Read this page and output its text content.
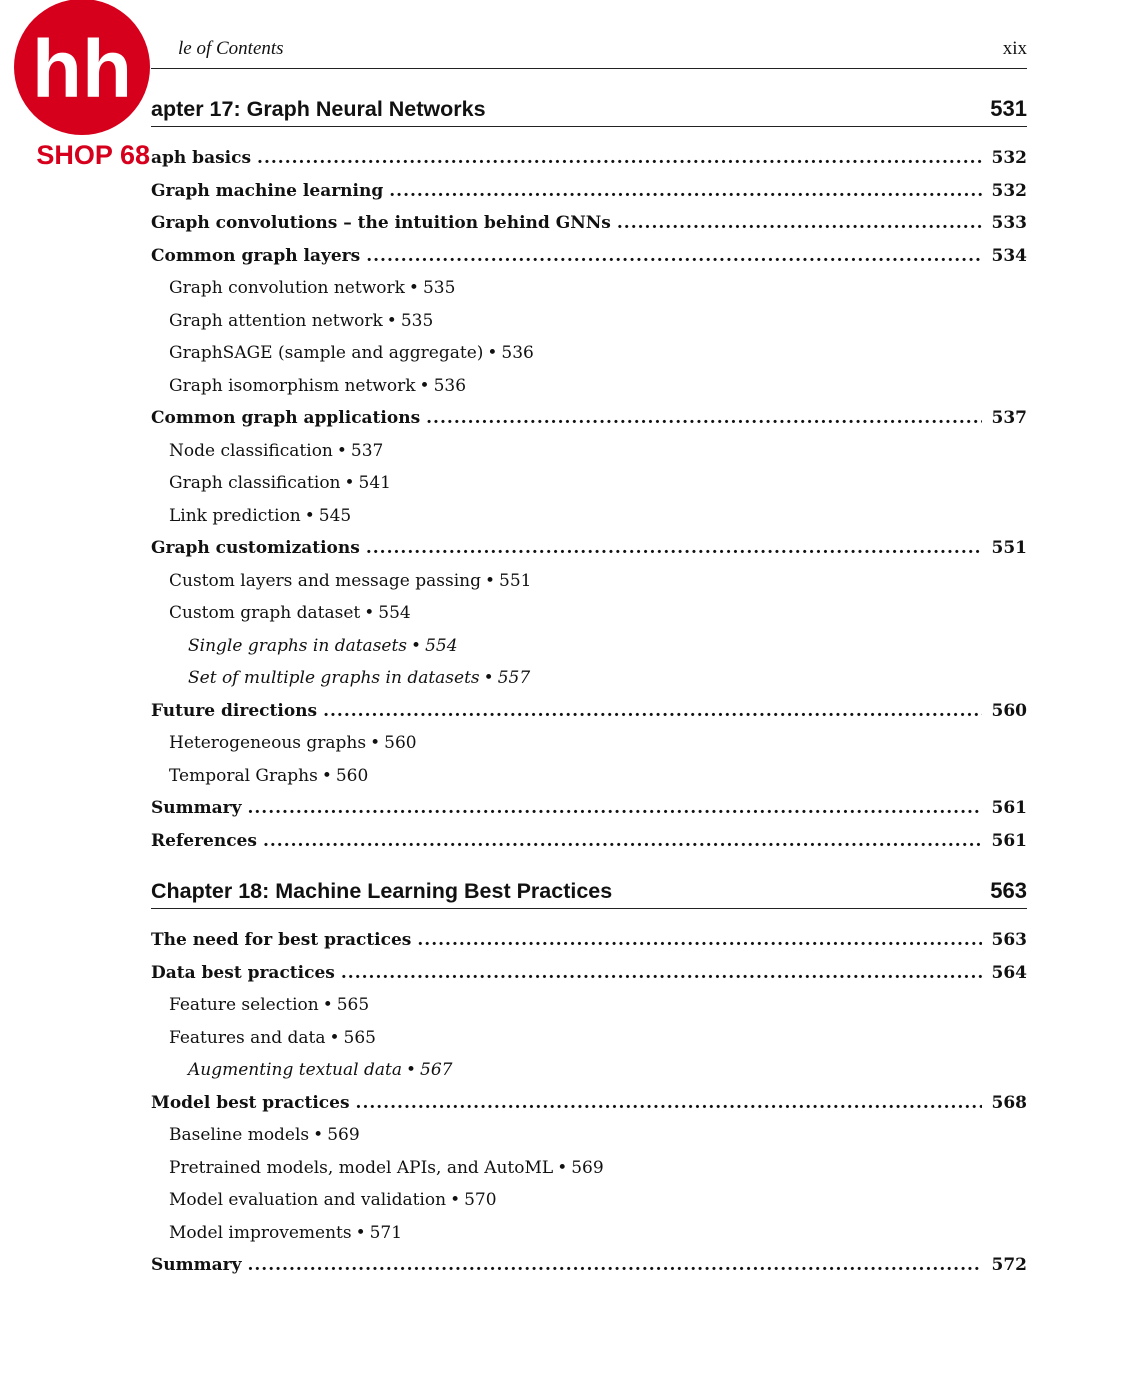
le of Contents	xix
apter 17: Graph Neural Networks	531
aph basics .....	532
Graph machine learning .....	532
Graph convolutions – the intuition behind GNNs .....	533
Common graph layers .....	534
Graph convolution network • 535
Graph attention network • 535
GraphSAGE (sample and aggregate) • 536
Graph isomorphism network • 536
Common graph applications .....	537
Node classification • 537
Graph classification • 541
Link prediction • 545
Graph customizations .....	551
Custom layers and message passing • 551
Custom graph dataset • 554
Single graphs in datasets • 554
Set of multiple graphs in datasets • 557
Future directions .....	560
Heterogeneous graphs • 560
Temporal Graphs • 560
Summary .....	561
References .....	561
Chapter 18: Machine Learning Best Practices	563
The need for best practices .....	563
Data best practices .....	564
Feature selection • 565
Features and data • 565
Augmenting textual data • 567
Model best practices .....	568
Baseline models • 569
Pretrained models, model APIs, and AutoML • 569
Model evaluation and validation • 570
Model improvements • 571
Summary .....	572
hh
SHOP 68
